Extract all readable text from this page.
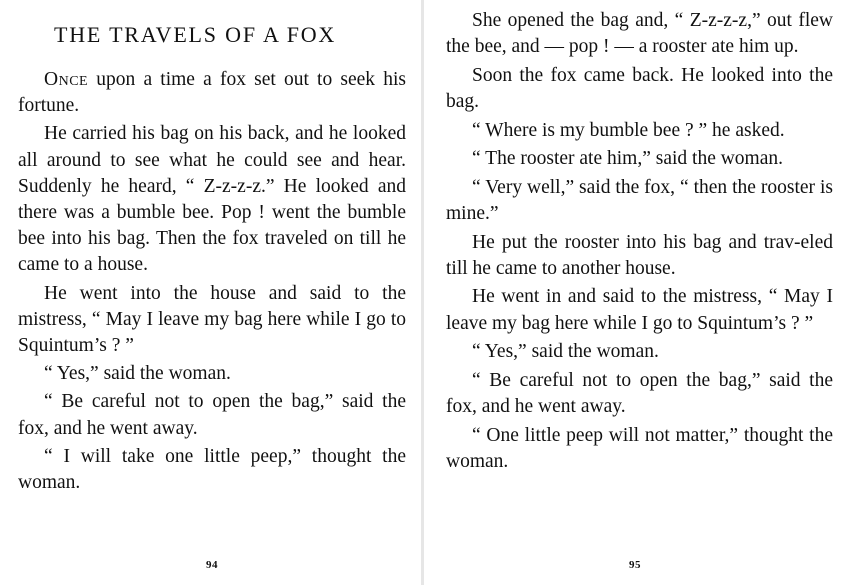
THE TRAVELS OF A FOX

Once upon a time a fox set out to seek his fortune.

He carried his bag on his back, and he looked all around to see what he could see and hear. Suddenly he heard, “ Z-z-z-z.” He looked and there was a bumble bee. Pop ! went the bumble bee into his bag. Then the fox traveled on till he came to a house.

He went into the house and said to the mistress, “ May I leave my bag here while I go to Squintum’s ? ”

“ Yes,” said the woman.

“ Be careful not to open the bag,” said the fox, and he went away.

“ I will take one little peep,” thought the woman.

94

She opened the bag and, “ Z-z-z-z,” out flew the bee, and — pop ! — a rooster ate him up.

Soon the fox came back. He looked into the bag.

“ Where is my bumble bee ? ” he asked.

“ The rooster ate him,” said the woman.

“ Very well,” said the fox, “ then the rooster is mine.”

He put the rooster into his bag and trav-eled till he came to another house.

He went in and said to the mistress, “ May I leave my bag here while I go to Squintum’s ? ”

“ Yes,” said the woman.

“ Be careful not to open the bag,” said the fox, and he went away.

“ One little peep will not matter,” thought the woman.

95
